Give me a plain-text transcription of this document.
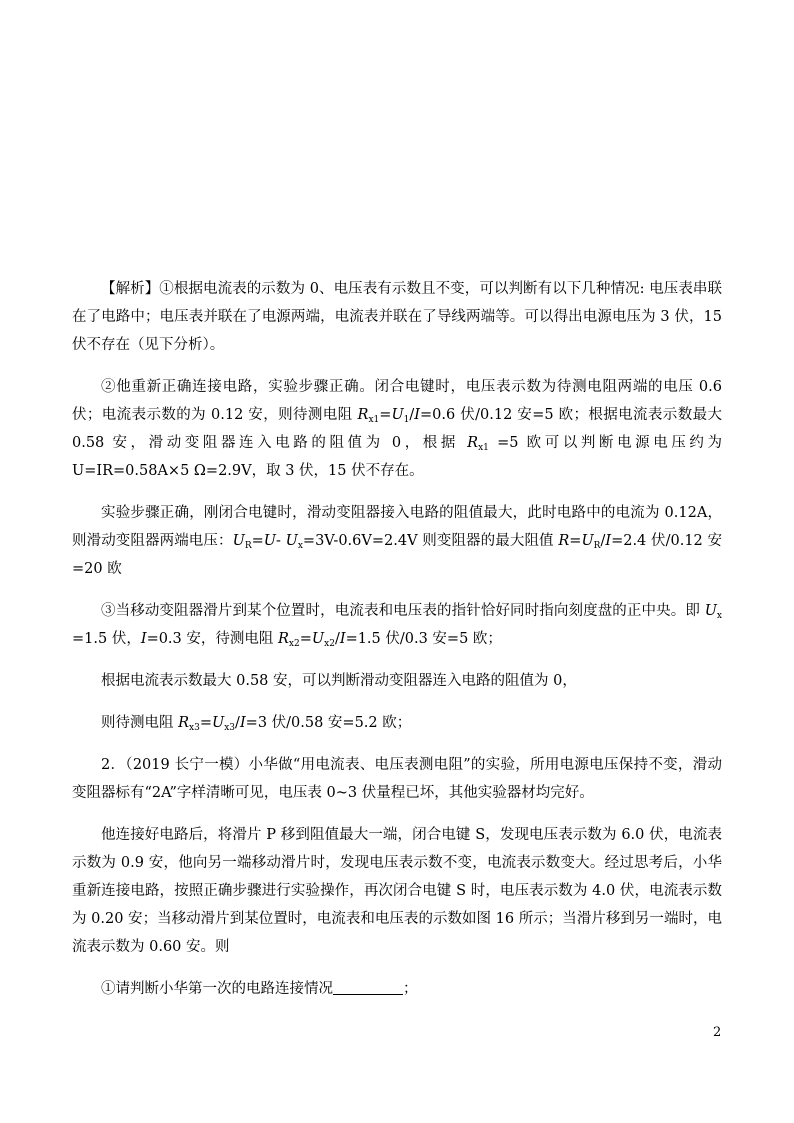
【解析】①根据电流表的示数为 0、电压表有示数且不变，可以判断有以下几种情况: 电压表串联在了电路中；电压表并联在了电源两端，电流表并联在了导线两端等。可以得出电源电压为 3 伏，15 伏不存在（见下分析）。

②他重新正确连接电路，实验步骤正确。闭合电键时，电压表示数为待测电阻两端的电压 0.6 伏；电流表示数的为 0.12 安，则待测电阻 $R_{x1}=U_1/I=0.6$ 伏/0.12 安=5 欧；根据电流表示数最大 0.58 安，滑动变阻器连入电路的阻值为 0，根据 $R_{x1} =5$ 欧可以判断电源电压约为 U=IR=0.58A×5 Ω=2.9V，取 3 伏，15 伏不存在。

实验步骤正确，刚闭合电键时，滑动变阻器接入电路的阻值最大，此时电路中的电流为 0.12A，则滑动变阻器两端电压：$U_R=U-$ $U_x=3V-0.6V=2.4V$ 则变阻器的最大阻值 $R=U_R/I=2.4$ 伏/0.12 安=20 欧

③当移动变阻器滑片到某个位置时，电流表和电压表的指针恰好同时指向刻度盘的正中央。即 $U_x =1.5$ 伏，I=0.3 安，待测电阻 $R_{x2}=U_{x2}/I=1.5$ 伏/0.3 安=5 欧；

根据电流表示数最大 0.58 安，可以判断滑动变阻器连入电路的阻值为 0，

则待测电阻 $R_{x3}=U_{x3}/I=3$ 伏/0.58 安=5.2 欧；

2．（2019 长宁一模）小华做“用电流表、电压表测电阻”的实验，所用电源电压保持不变，滑动变阻器标有“2A”字样清晰可见，电压表 0~3 伏量程已坏，其他实验器材均完好。

他连接好电路后，将滑片 P 移到阻值最大一端，闭合电键 S，发现电压表示数为 6.0 伏，电流表示数为 0.9 安，他向另一端移动滑片时，发现电压表示数不变，电流表示数变大。经过思考后，小华重新连接电路，按照正确步骤进行实验操作，再次闭合电键 S 时，电压表示数为 4.0 伏，电流表示数为 0.20 安；当移动滑片到某位置时，电流表和电压表的示数如图 16 所示；当滑片移到另一端时，电流表示数为 0.60 安。则

①请判断小华第一次的电路连接情况	；

2
